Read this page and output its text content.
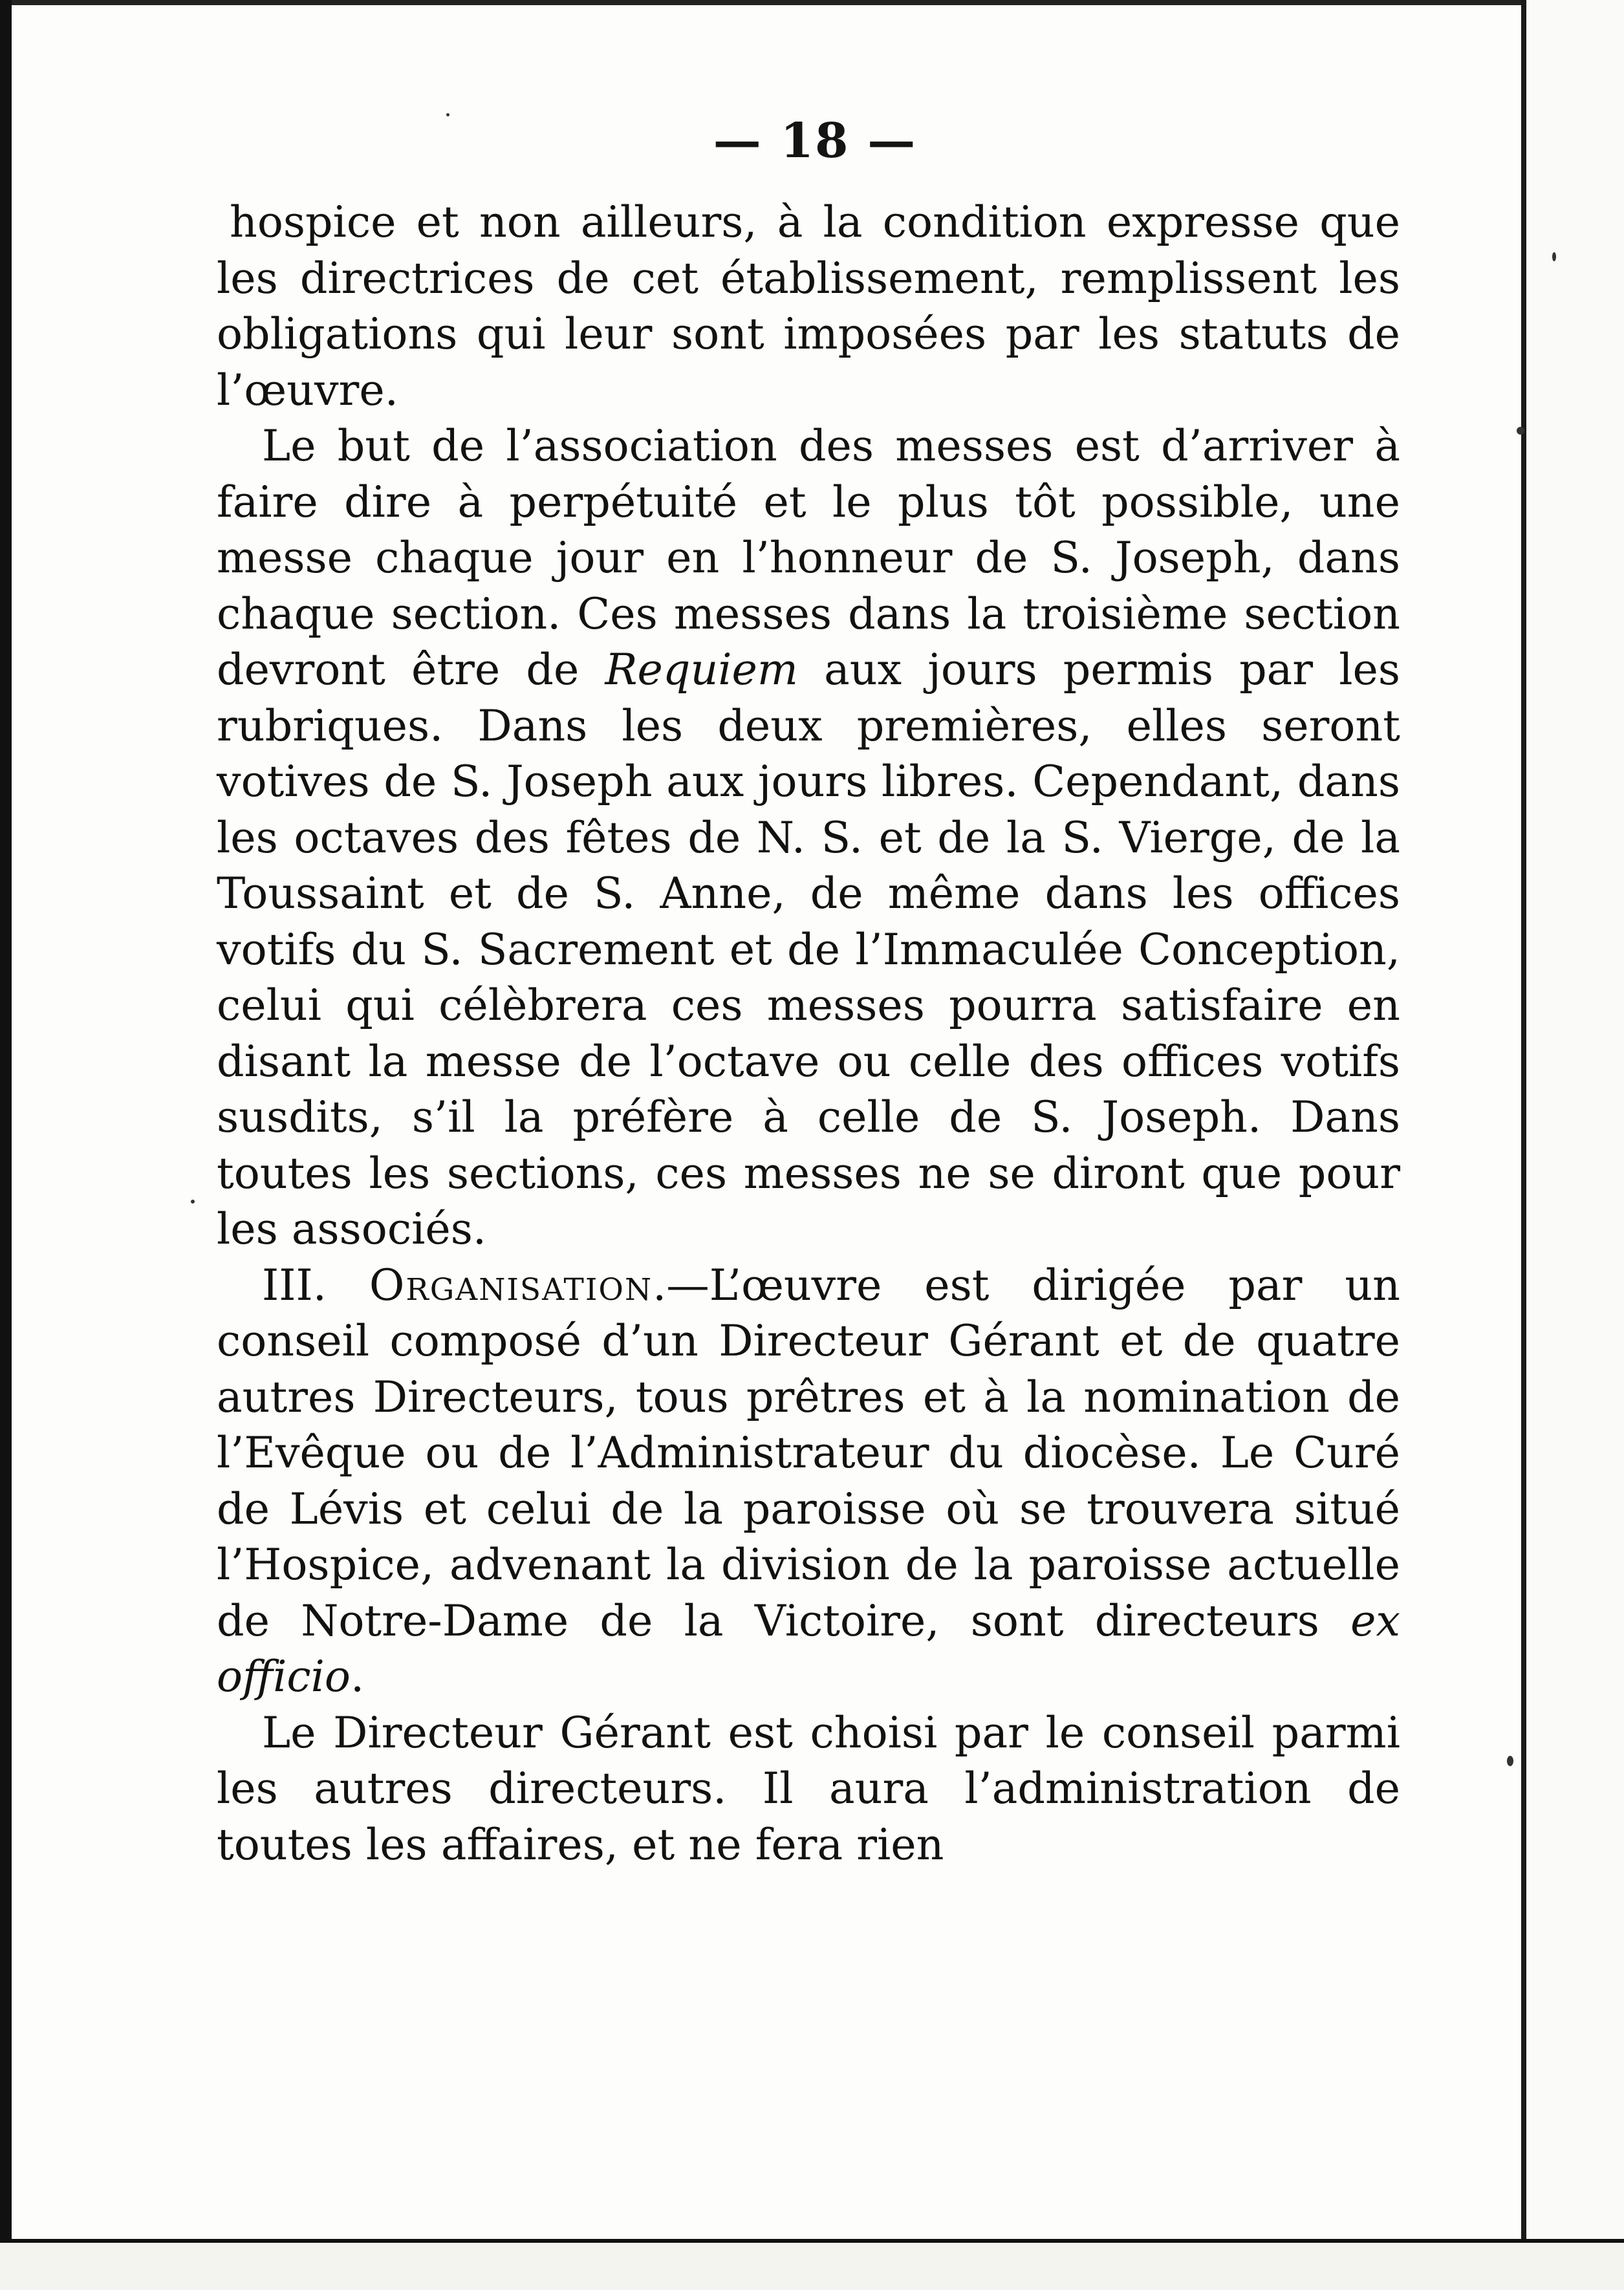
— 18 —

hospice et non ailleurs, à la condition expresse que les directrices de cet établissement, remplissent les obligations qui leur sont imposées par les statuts de l’œuvre.

Le but de l’association des messes est d’arriver à faire dire à perpétuité et le plus tôt possible, une messe chaque jour en l’honneur de S. Joseph, dans chaque section. Ces messes dans la troisième section devront être de Requiem aux jours permis par les rubriques. Dans les deux premières, elles seront votives de S. Joseph aux jours libres. Cependant, dans les octaves des fêtes de N. S. et de la S. Vierge, de la Toussaint et de S. Anne, de même dans les offices votifs du S. Sacrement et de l’Immaculée Conception, celui qui célèbrera ces messes pourra satisfaire en disant la messe de l’octave ou celle des offices votifs susdits, s’il la préfère à celle de S. Joseph. Dans toutes les sections, ces messes ne se diront que pour les associés.

III. Organisation.—L’œuvre est dirigée par un conseil composé d’un Directeur Gérant et de quatre autres Directeurs, tous prêtres et à la nomination de l’Evêque ou de l’Administrateur du diocèse. Le Curé de Lévis et celui de la paroisse où se trouvera situé l’Hospice, advenant la division de la paroisse actuelle de Notre-Dame de la Victoire, sont directeurs ex officio.

Le Directeur Gérant est choisi par le conseil parmi les autres directeurs. Il aura l’administration de toutes les affaires, et ne fera rien
